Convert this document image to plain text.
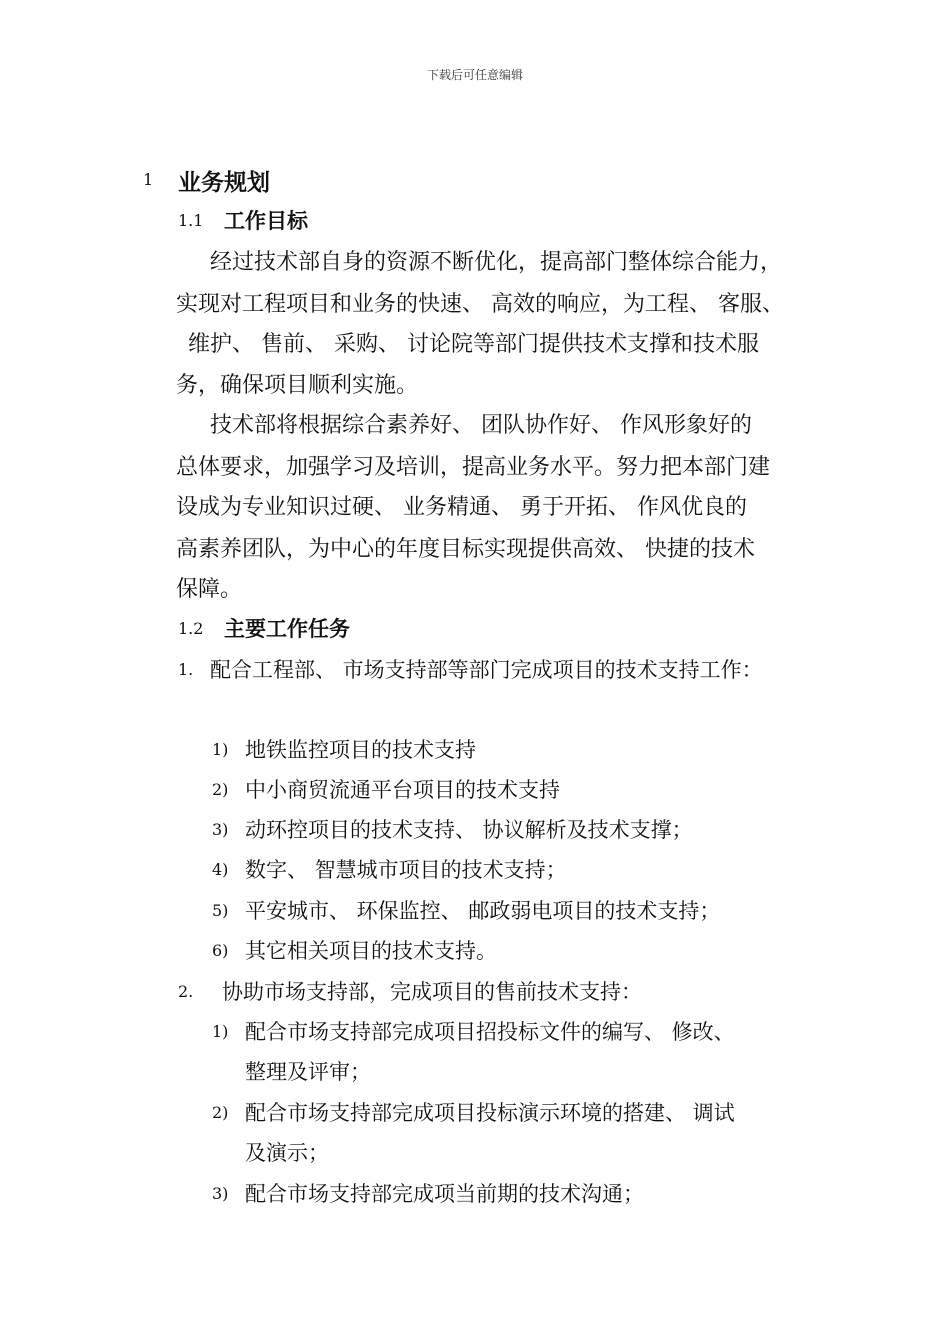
下载后可任意编辑
1 业务规划
1.1 工作目标
经过技术部自身的资源不断优化，提高部门整体综合能力，
实现对工程项目和业务的快速、 高效的响应，为工程、 客服、
维护、 售前、 采购、 讨论院等部门提供技术支撑和技术服
务，确保项目顺利实施。
技术部将根据综合素养好、 团队协作好、 作风形象好的
总体要求，加强学习及培训，提高业务水平。努力把本部门建
设成为专业知识过硬、 业务精通、 勇于开拓、 作风优良的
高素养团队，为中心的年度目标实现提供高效、 快捷的技术
保障。
1.2 主要工作任务
1. 配合工程部、 市场支持部等部门完成项目的技术支持工作：
1) 地铁监控项目的技术支持
2) 中小商贸流通平台项目的技术支持
3) 动环控项目的技术支持、 协议解析及技术支撑；
4) 数字、 智慧城市项目的技术支持；
5) 平安城市、 环保监控、 邮政弱电项目的技术支持；
6) 其它相关项目的技术支持。
2. 协助市场支持部，完成项目的售前技术支持：
1) 配合市场支持部完成项目招投标文件的编写、 修改、
整理及评审；
2) 配合市场支持部完成项目投标演示环境的搭建、 调试
及演示；
3) 配合市场支持部完成项当前期的技术沟通；
